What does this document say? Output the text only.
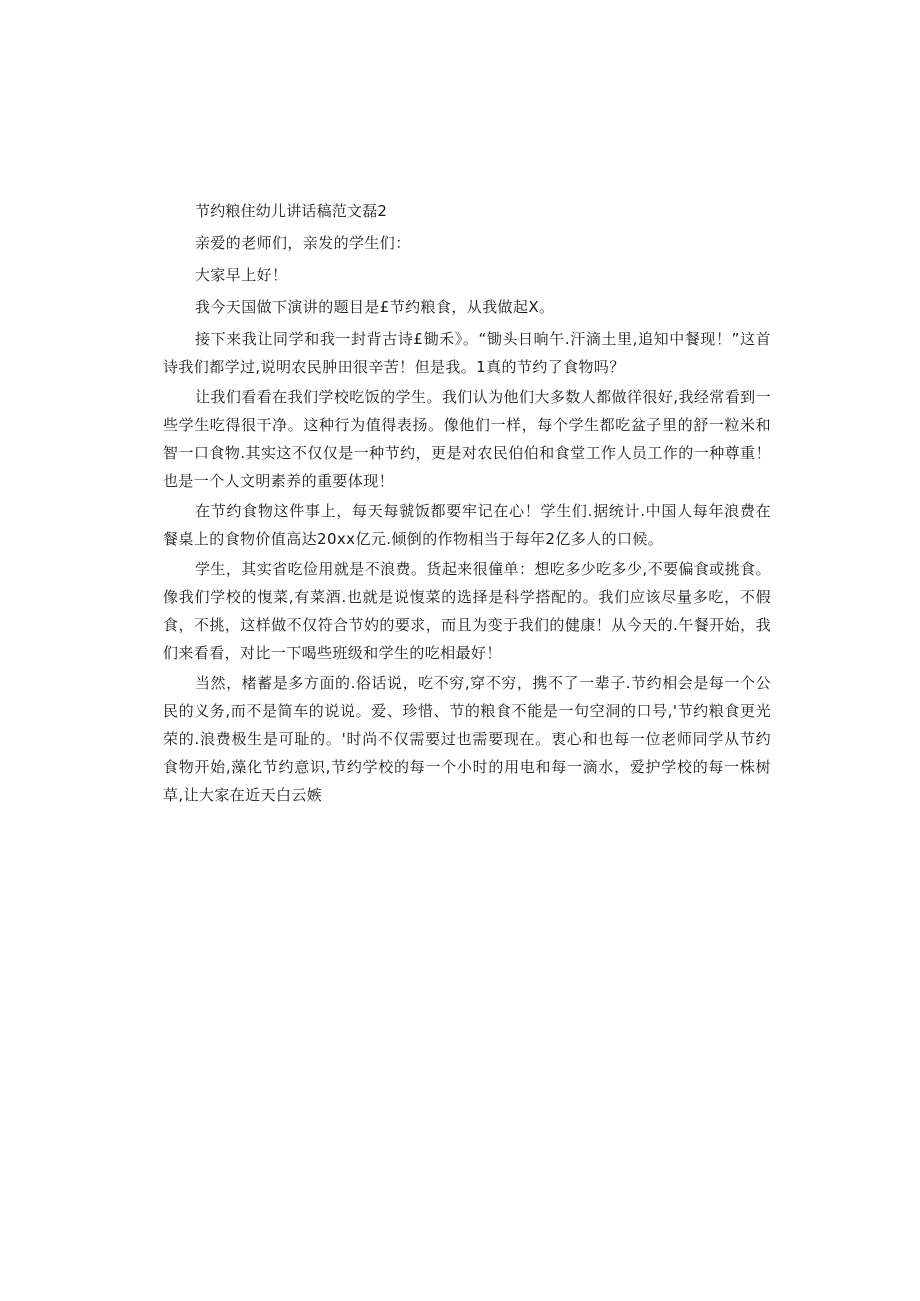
节约粮住幼儿讲话稿范文磊2

亲爱的老师们，亲发的学生们：

大家早上好！

我今天国做下演讲的题目是£节约粮食，从我做起X。

接下来我让同学和我一封背古诗£锄禾》。“锄头日晌午.汗滴土里,追知中餐现！”这首诗我们都学过,说明农民肿田很辛苦！但是我。1真的节约了食物吗？

让我们看看在我们学校吃饭的学生。我们认为他们大多数人都做徉很好,我经常看到一些学生吃得很干净。这种行为值得表扬。像他们一样，每个学生都吃盆子里的舒一粒米和智一口食物.其实这不仅仅是一种节约，更是对农民伯伯和食堂工作人员工作的一种尊重！也是一个人文明素养的重要体现！

在节约食物这件事上，每天每虢饭都要牢记在心！学生们.据统计.中国人每年浪费在餐桌上的食物价值高达20xx亿元.倾倒的作物相当于每年2亿多人的口候。

学生，其实省吃俭用就是不浪费。货起来很僮单：想吃多少吃多少,不要偏食或挑食。像我们学校的愎菜,有菜酒.也就是说愎菜的选择是科学搭配的。我们应该尽量多吃，不假食，不挑，这样做不仅符合节妁的要求，而且为变于我们的健康！从今天的.午餐开始，我们来看看，对比一下喝些班级和学生的吃相最好！

当然，楮蓄是多方面的.俗话说，吃不穷,穿不穷，携不了一辈子.节约相会是每一个公民的义务,而不是简车的说说。爱、珍惜、节的粮食不能是一句空洞的口号,'节约粮食更光荣的.浪费极生是可耻的。'时尚不仅需要过也需要现在。衷心和也每一位老师同学从节约食物开始,藻化节约意识,节约学校的每一个小时的用电和每一滴水，爱护学校的每一株树草,让大家在近天白云嫉
